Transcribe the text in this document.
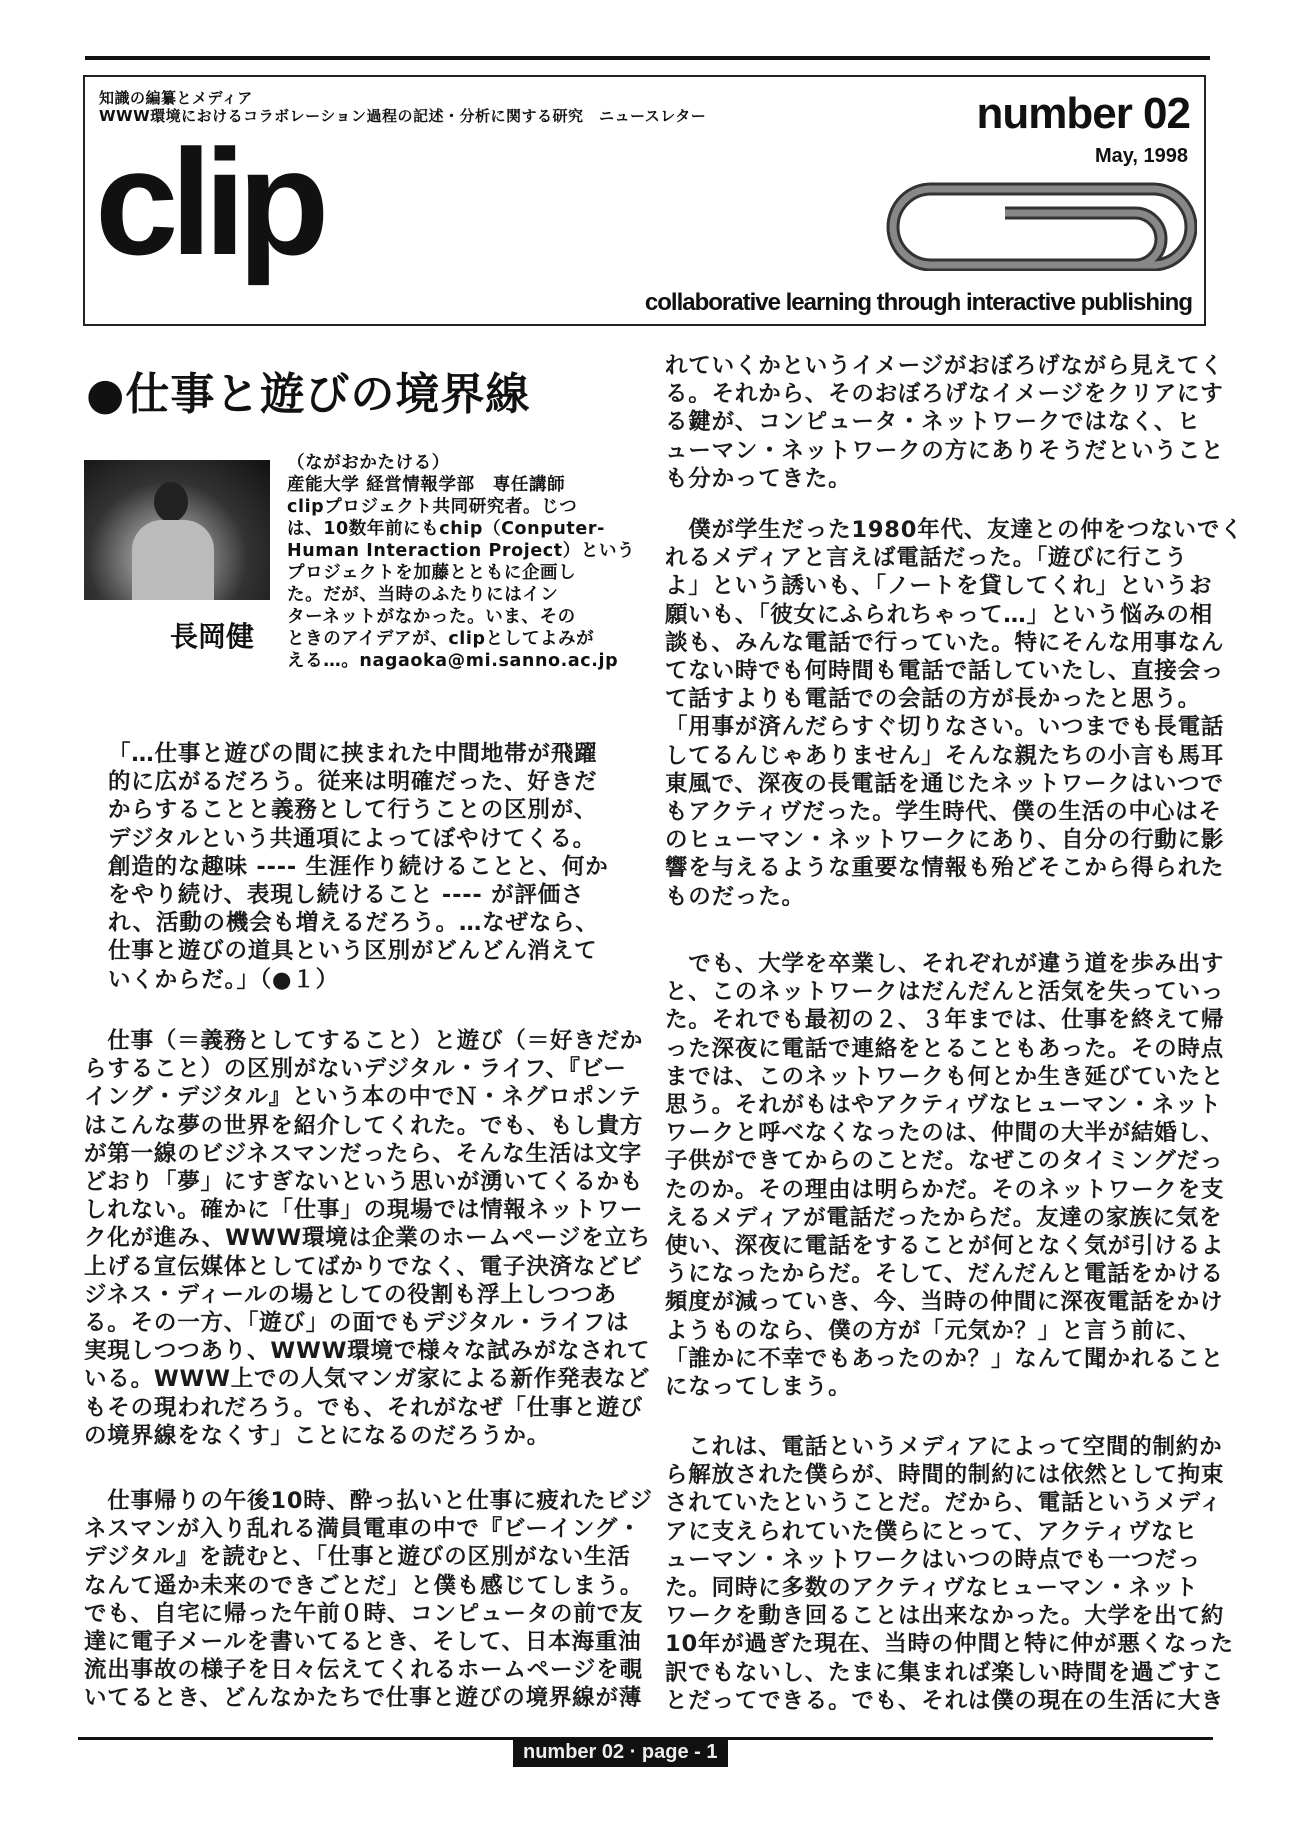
知識の編纂とメディア
WWW環境におけるコラボレーション過程の記述・分析に関する研究　ニュースレター	number 02
May, 1998
clip
collaborative learning through interactive publishing
●仕事と遊びの境界線
長岡健
（ながおかたける）
産能大学 経営情報学部　専任講師
clipプロジェクト共同研究者。じつ
は、10数年前にもchip（Conputer-
Human Interaction Project）という
プロジェクトを加藤とともに企画し
た。だが、当時のふたりにはイン
ターネットがなかった。いま、その
ときのアイデアが、clipとしてよみが
える…。nagaoka@mi.sanno.ac.jp
「…仕事と遊びの間に挟まれた中間地帯が飛躍
的に広がるだろう。従来は明確だった、好きだ
からすることと義務として行うことの区別が、
デジタルという共通項によってぼやけてくる。
創造的な趣味 ---- 生涯作り続けることと、何か
をやり続け、表現し続けること ---- が評価さ
れ、活動の機会も増えるだろう。…なぜなら、
仕事と遊びの道具という区別がどんどん消えて
いくからだ。」（●１）
　仕事（＝義務としてすること）と遊び（＝好きだか
らすること）の区別がないデジタル・ライフ、『ビー
イング・デジタル』という本の中でＮ・ネグロポンテ
はこんな夢の世界を紹介してくれた。でも、もし貴方
が第一線のビジネスマンだったら、そんな生活は文字
どおり「夢」にすぎないという思いが湧いてくるかも
しれない。確かに「仕事」の現場では情報ネットワー
ク化が進み、WWW環境は企業のホームページを立ち
上げる宣伝媒体としてばかりでなく、電子決済などビ
ジネス・ディールの場としての役割も浮上しつつあ
る。その一方、「遊び」の面でもデジタル・ライフは
実現しつつあり、WWW環境で様々な試みがなされて
いる。WWW上での人気マンガ家による新作発表など
もその現われだろう。でも、それがなぜ「仕事と遊び
の境界線をなくす」ことになるのだろうか。
　仕事帰りの午後10時、酔っ払いと仕事に疲れたビジ
ネスマンが入り乱れる満員電車の中で『ビーイング・
デジタル』を読むと、「仕事と遊びの区別がない生活
なんて遥か未来のできごとだ」と僕も感じてしまう。
でも、自宅に帰った午前０時、コンピュータの前で友
達に電子メールを書いてるとき、そして、日本海重油
流出事故の様子を日々伝えてくれるホームページを覗
いてるとき、どんなかたちで仕事と遊びの境界線が薄
れていくかというイメージがおぼろげながら見えてく
る。それから、そのおぼろげなイメージをクリアにす
る鍵が、コンピュータ・ネットワークではなく、ヒ
ューマン・ネットワークの方にありそうだということ
も分かってきた。
　僕が学生だった1980年代、友達との仲をつないでく
れるメディアと言えば電話だった。「遊びに行こう
よ」という誘いも、「ノートを貸してくれ」というお
願いも、「彼女にふられちゃって…」という悩みの相
談も、みんな電話で行っていた。特にそんな用事なん
てない時でも何時間も電話で話していたし、直接会っ
て話すよりも電話での会話の方が長かったと思う。
「用事が済んだらすぐ切りなさい。いつまでも長電話
してるんじゃありません」そんな親たちの小言も馬耳
東風で、深夜の長電話を通じたネットワークはいつで
もアクティヴだった。学生時代、僕の生活の中心はそ
のヒューマン・ネットワークにあり、自分の行動に影
響を与えるような重要な情報も殆どそこから得られた
ものだった。
　でも、大学を卒業し、それぞれが違う道を歩み出す
と、このネットワークはだんだんと活気を失っていっ
た。それでも最初の２、３年までは、仕事を終えて帰
った深夜に電話で連絡をとることもあった。その時点
までは、このネットワークも何とか生き延びていたと
思う。それがもはやアクティヴなヒューマン・ネット
ワークと呼べなくなったのは、仲間の大半が結婚し、
子供ができてからのことだ。なぜこのタイミングだっ
たのか。その理由は明らかだ。そのネットワークを支
えるメディアが電話だったからだ。友達の家族に気を
使い、深夜に電話をすることが何となく気が引けるよ
うになったからだ。そして、だんだんと電話をかける
頻度が減っていき、今、当時の仲間に深夜電話をかけ
ようものなら、僕の方が「元気か？」と言う前に、
「誰かに不幸でもあったのか？」なんて聞かれること
になってしまう。
　これは、電話というメディアによって空間的制約か
ら解放された僕らが、時間的制約には依然として拘束
されていたということだ。だから、電話というメディ
アに支えられていた僕らにとって、アクティヴなヒ
ューマン・ネットワークはいつの時点でも一つだっ
た。同時に多数のアクティヴなヒューマン・ネット
ワークを動き回ることは出来なかった。大学を出て約
10年が過ぎた現在、当時の仲間と特に仲が悪くなった
訳でもないし、たまに集まれば楽しい時間を過ごすこ
とだってできる。でも、それは僕の現在の生活に大き
number 02 · page - 1
